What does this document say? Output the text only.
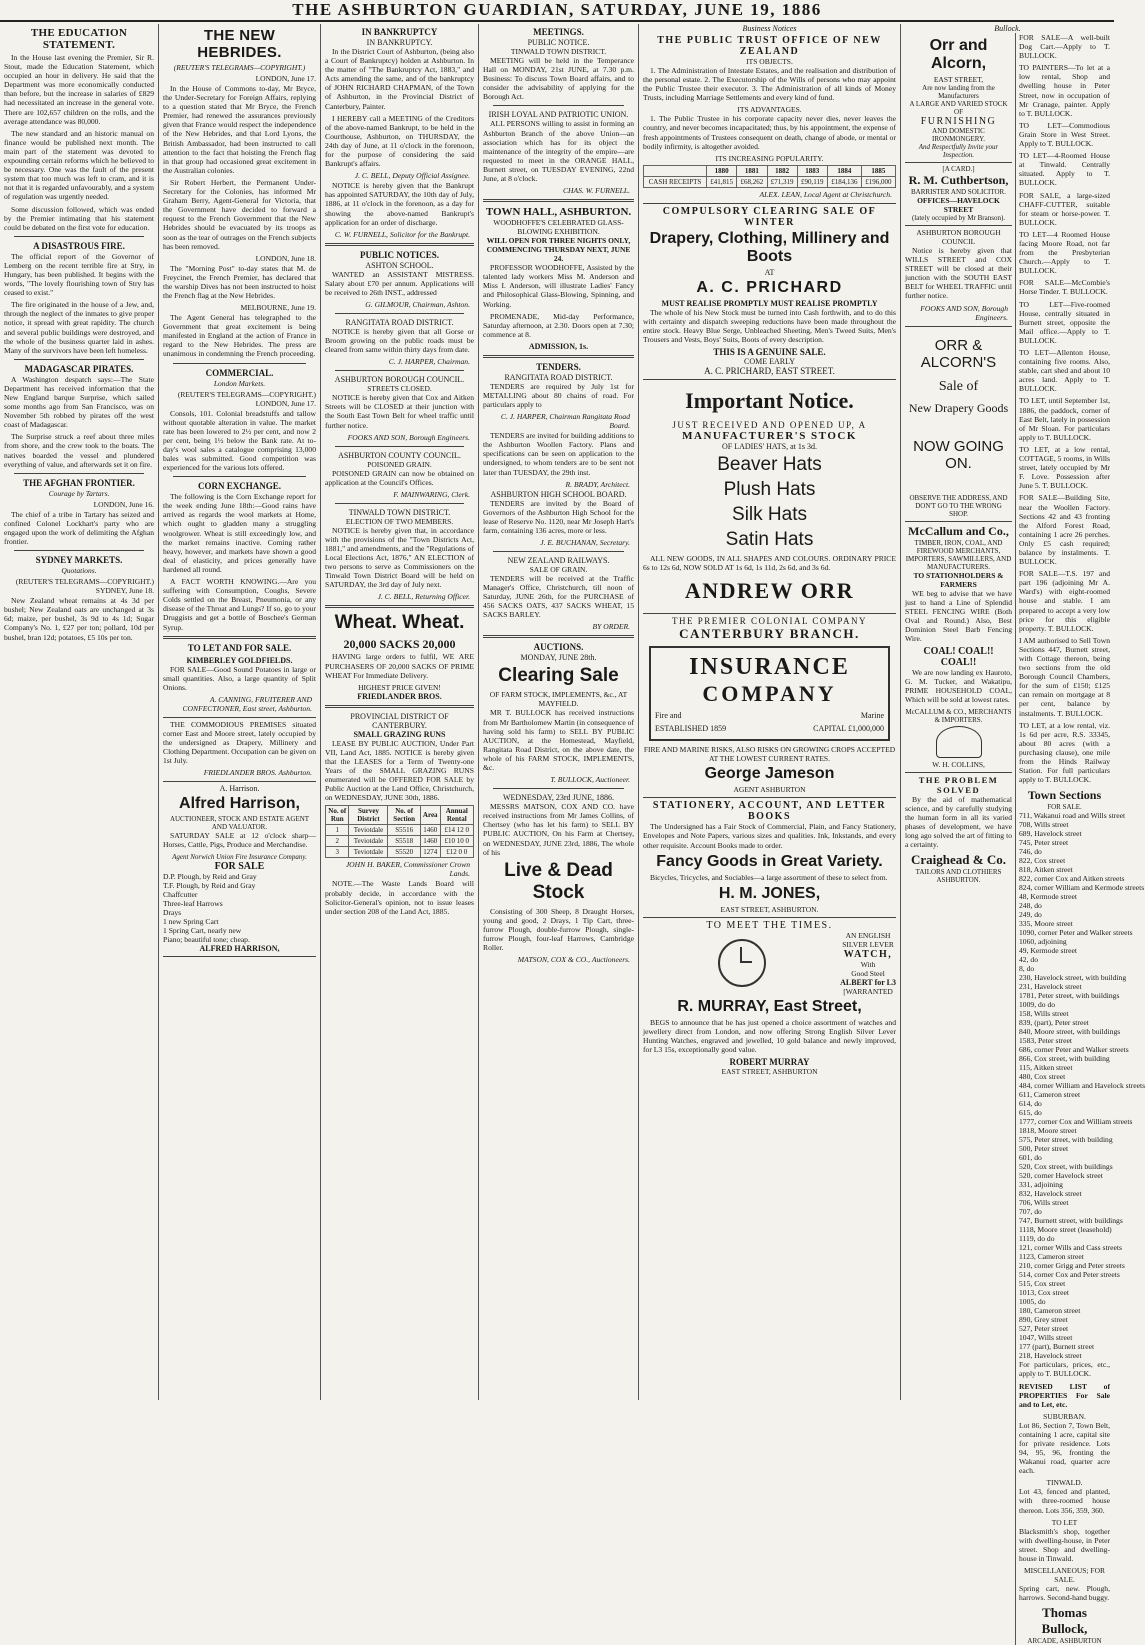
THE ASHBURTON GUARDIAN, SATURDAY, JUNE 19, 1886
THE EDUCATION STATEMENT.
In the House last evening the Premier, Sir R. Stout, made the Education Statement, which occupied an hour in delivery. He said that the Department was more economically conducted than before, but the increase in salaries of £829 had necessitated an increase in the general vote. There are 102,657 children on the rolls, and the average attendance was 80,000.
The new standard and an historic manual on finance would be published next month. The main part of the statement was devoted to expounding certain reforms which he believed to be necessary. One was the fault of the present system that too much was left to cram, and it is not that it is regarded unfavourably, and a system of regulation was urgently needed.
Some discussion followed, which was ended by the Premier intimating that his statement could be debated on the first vote for education.
A DISASTROUS FIRE.
The official report of the Governor of Lemberg on the recent terrible fire at Stry, in Hungary, has been published. It begins with the words, "The lovely flourishing town of Stry has ceased to exist."
The fire originated in the house of a Jew, and, through the neglect of the inmates to give proper notice, it spread with great rapidity. The church and several public buildings were destroyed, and the whole of the business quarter laid in ashes. Many of the survivors have been left homeless.
MADAGASCAR PIRATES.
A Washington despatch says:—The State Department has received information that the New England barque Surprise, which sailed some months ago from San Francisco, was on November 5th robbed by pirates off the west coast of Madagascar.
The Surprise struck a reef about three miles from shore, and the crew took to the boats. The natives boarded the vessel and plundered everything of value, and afterwards set it on fire.
THE AFGHAN FRONTIER.
Courage by Tartars.
LONDON, June 16.
The chief of a tribe in Tartary has seized and confined Colonel Lockhart's party who are engaged upon the work of delimiting the Afghan frontier.
SYDNEY MARKETS.
Quotations.
(REUTER'S TELEGRAMS—COPYRIGHT.) SYDNEY, June 18.
New Zealand wheat remains at 4s 3d per bushel; New Zealand oats are unchanged at 3s 6d; maize, per bushel, 3s 9d to 4s 1d; Sugar Company's No. 1, £27 per ton; pollard, 10d per bushel, bran 12d; potatoes, £5 10s per ton.
THE NEW HEBRIDES.
(REUTER'S TELEGRAMS—COPYRIGHT.)
LONDON, June 17.
In the House of Commons to-day, Mr Bryce, the Under-Secretary for Foreign Affairs, replying to a question stated that Mr Bryce, the French Premier, had renewed the assurances previously given that France would respect the independence of the New Hebrides, and that Lord Lyons, the British Ambassador, had been instructed to call attention to the fact that hoisting the French flag in that group had occasioned great excitement in the Australian colonies.
Sir Robert Herbert, the Permanent Under-Secretary for the Colonies, has informed Mr Graham Berry, Agent-General for Victoria, that the Government have decided to forward a request to the French Government that the New Hebrides should be evacuated by its troops as soon as the tear of outrages on the French subjects has been removed.
LONDON, June 18.
The "Morning Post" to-day states that M. de Freycinet, the French Premier, has declared that the warship Dives has not been instructed to hoist the French flag at the New Hebrides.
MELBOURNE, June 19.
The Agent General has telegraphed to the Government that great excitement is being manifested in England at the action of France in regard to the New Hebrides. The press are unanimous in condemning the French proceeding.
COMMERCIAL.
London Markets.
(REUTER'S TELEGRAMS—COPYRIGHT.) LONDON, June 17.
Consols, 101. Colonial breadstuffs and tallow without quotable alteration in value. The market rate has been lowered to 2½ per cent, and now 2 per cent, being 1½ below the Bank rate. At to-day's wool sales a catalogue comprising 13,000 bales was submitted. Good competition was experienced for the various lots offered.
CORN EXCHANGE.
The following is the Corn Exchange report for the week ending June 18th:—Good rains have arrived as regards the wool markets at Home, which ought to gladden many a struggling woolgrower. Wheat is still exceedingly low, and the market remains inactive. Coming rather heavy, however, and markets have shown a good deal of elasticity, and prices generally have hardened all round.
A FACT WORTH KNOWING.—Are you suffering with Consumption, Coughs, Severe Colds settled on the Breast, Pneumonia, or any disease of the Throat and Lungs? If so, go to your Druggists and get a bottle of Boschee's German Syrup.
TO LET AND FOR SALE.
KIMBERLEY GOLDFIELDS.
FOR SALE—Good Sound Potatoes in large or small quantities. Also, a large quantity of Split Onions.
A. CANNING, FRUITERER AND CONFECTIONER, East street, Ashburton.
THE COMMODIOUS PREMISES situated corner East and Moore street, lately occupied by the undersigned as Drapery, Millinery and Clothing Department. Occupation can be given on 1st July.
FRIEDLANDER BROS. Ashburton.
A. Harrison.
Alfred Harrison,
AUCTIONEER, STOCK AND ESTATE AGENT AND VALUATOR.
SATURDAY SALE at 12 o'clock sharp—Horses, Cattle, Pigs, Produce and Merchandise.
Agent Norwich Union Fire Insurance Company.
FOR SALE
D.P. Plough, by Reid and Gray
T.F. Plough, by Reid and Gray
Chaffcutter
Three-leaf Harrows
Drays
1 new Spring Cart
1 Spring Cart, nearly new
Piano; beautiful tone; cheap.
ALFRED HARRISON,
IN BANKRUPTCY
IN BANKRUPTCY.
In the District Court of Ashburton, (being also a Court of Bankruptcy) holden at Ashburton. In the matter of "The Bankruptcy Act, 1883," and Acts amending the same, and of the bankruptcy of JOHN RICHARD CHAPMAN, of the Town of Ashburton, in the Provincial District of Canterbury, Painter.
I HEREBY call a MEETING of the Creditors of the above-named Bankrupt, to be held in the Courthouse, Ashburton, on THURSDAY, the 24th day of June, at 11 o'clock in the forenoon, for the purpose of considering the said Bankrupt's affairs.
J. C. BELL, Deputy Official Assignee.
NOTICE is hereby given that the Bankrupt has appointed SATURDAY, the 10th day of July, 1886, at 11 o'clock in the forenoon, as a day for showing the above-named Bankrupt's application for an order of discharge.
C. W. FURNELL, Solicitor for the Bankrupt.
PUBLIC NOTICES.
ASHTON SCHOOL.
WANTED an ASSISTANT MISTRESS. Salary about £70 per annum. Applications will be received to 26th INST., addressed
G. GILMOUR, Chairman, Ashton.
RANGITATA ROAD DISTRICT.
NOTICE is hereby given that all Gorse or Broom growing on the public roads must be cleared from same within thirty days from date.
C. J. HARPER, Chairman.
ASHBURTON BOROUGH COUNCIL.
STREETS CLOSED.
NOTICE is hereby given that Cox and Aitken Streets will be CLOSED at their junction with the South East Town Belt for wheel traffic until further notice.
FOOKS AND SON, Borough Engineers.
ASHBURTON COUNTY COUNCIL.
POISONED GRAIN.
POISONED GRAIN can now be obtained on application at the Council's Offices.
F. MAINWARING, Clerk.
TINWALD TOWN DISTRICT.
ELECTION OF TWO MEMBERS.
NOTICE is hereby given that, in accordance with the provisions of the "Town Districts Act, 1881," and amendments, and the "Regulations of Local Elections Act, 1876," AN ELECTION of two persons to serve as Commissioners on the Tinwald Town District Board will be held on SATURDAY, the 3rd day of July next.
J. C. BELL, Returning Officer.
Wheat. Wheat.
20,000 SACKS 20,000
HAVING large orders to fulfil, WE ARE PURCHASERS OF 20,000 SACKS OF PRIME WHEAT For Immediate Delivery.
HIGHEST PRICE GIVEN!
FRIEDLANDER BROS.
PROVINCIAL DISTRICT OF CANTERBURY.
SMALL GRAZING RUNS
LEASE BY PUBLIC AUCTION, Under Part VII, Land Act, 1885. NOTICE is hereby given that the LEASES for a Term of Twenty-one Years of the SMALL GRAZING RUNS enumerated will be OFFERED FOR SALE by Public Auction at the Land Office, Christchurch, on WEDNESDAY, JUNE 30th, 1886.
No. of Run	Survey District	No. of Section	Area	Annual Rental
1	Teviotdale	S5516	1460	£14 12 0
2	Teviotdale	S5518	1460	£10 10 0
3	Teviotdale	S5520	1274	£12 0 0
JOHN H. BAKER, Commissioner Crown Lands.
NOTE.—The Waste Lands Board will probably decide, in accordance with the Solicitor-General's opinion, not to issue leases under section 208 of the Land Act, 1885.
MEETINGS.
PUBLIC NOTICE.
TINWALD TOWN DISTRICT.
MEETING will be held in the Temperance Hall on MONDAY, 21st JUNE, at 7.30 p.m. Business: To discuss Town Board affairs, and to consider the advisability of applying for the Borough Act.
IRISH LOYAL AND PATRIOTIC UNION.
ALL PERSONS willing to assist in forming an Ashburton Branch of the above Union—an association which has for its object the maintenance of the integrity of the empire—are requested to meet in the ORANGE HALL, Burnett street, on TUESDAY EVENING, 22nd June, at 8 o'clock.
CHAS. W. FURNELL.
TOWN HALL, ASHBURTON.
WOODHOFFE'S CELEBRATED GLASS-BLOWING EXHIBITION.
WILL OPEN FOR THREE NIGHTS ONLY, COMMENCING THURSDAY NEXT, JUNE 24.
PROFESSOR WOODHOFFE, Assisted by the talented lady workers Miss M. Anderson and Miss I. Anderson, will illustrate Ladies' Fancy and Philosophical Glass-Blowing, Spinning, and Working.
PROMENADE, Mid-day Performance, Saturday afternoon, at 2.30. Doors open at 7.30; commence at 8.
ADMISSION, 1s.
TENDERS.
RANGITATA ROAD DISTRICT.
TENDERS are required by July 1st for METALLING about 80 chains of road. For particulars apply to
C. J. HARPER, Chairman Rangitata Road Board.
TENDERS are invited for building additions to the Ashburton Woollen Factory. Plans and specifications can be seen on application to the undersigned, to whom tenders are to be sent not later than TUESDAY, the 29th inst.
R. BRADY, Architect.
ASHBURTON HIGH SCHOOL BOARD.
TENDERS are invited by the Board of Governors of the Ashburton High School for the lease of Reserve No. 1120, near Mr Joseph Hart's farm, containing 136 acres, more or less.
J. E. BUCHANAN, Secretary.
NEW ZEALAND RAILWAYS.
SALE OF GRAIN.
TENDERS will be received at the Traffic Manager's Office, Christchurch, till noon of Saturday, JUNE 26th, for the PURCHASE of 456 SACKS OATS, 437 SACKS WHEAT, 15 SACKS BARLEY.
BY ORDER.
AUCTIONS.
MONDAY, JUNE 28th.
Clearing Sale
OF FARM STOCK, IMPLEMENTS, &c., AT MAYFIELD.
MR T. BULLOCK has received instructions from Mr Bartholomew Martin (in consequence of having sold his farm) to SELL BY PUBLIC AUCTION, at the Homestead, Mayfield, Rangitata Road District, on the above date, the whole of his FARM STOCK, IMPLEMENTS, &c.
T. BULLOCK, Auctioneer.
WEDNESDAY, 23rd JUNE, 1886.
MESSRS MATSON, COX AND CO. have received instructions from Mr James Collins, of Chertsey (who has let his farm) to SELL BY PUBLIC AUCTION, On his Farm at Chertsey, on WEDNESDAY, JUNE 23rd, 1886, The whole of his
Live & Dead Stock
Consisting of 300 Sheep, 8 Draught Horses, young and good, 2 Drays, 1 Tip Cart, three-furrow Plough, double-furrow Plough, single-furrow Plough, four-leaf Harrows, Cambridge Roller.
MATSON, COX & CO., Auctioneers.
Business Notices
THE PUBLIC TRUST OFFICE OF NEW ZEALAND
ITS OBJECTS.
1. The Administration of Intestate Estates, and the realisation and distribution of the personal estate. 2. The Executorship of the Wills of persons who may appoint the Public Trustee their executor. 3. The Administration of all kinds of Money Trusts, including Marriage Settlements and every kind of fund.
ITS ADVANTAGES.
1. The Public Trustee in his corporate capacity never dies, never leaves the country, and never becomes incapacitated; thus, by his appointment, the expense of fresh appointments of Trustees consequent on death, change of abode, or mental or bodily infirmity, is altogether avoided.
ITS INCREASING POPULARITY.
	1880	1881	1882	1883	1884	1885
CASH RECEIPTS	£41,815	£68,262	£71,319	£90,119	£184,136	£196,000
ALEX. LEAN, Local Agent at Christchurch.
COMPULSORY CLEARING SALE OF WINTER
Drapery, Clothing, Millinery and Boots
AT
A. C. PRICHARD
MUST REALISE PROMPTLY MUST REALISE PROMPTLY
The whole of his New Stock must be turned into Cash forthwith, and to do this with certainty and dispatch sweeping reductions have been made throughout the entire stock. Heavy Blue Serge, Unbleached Sheeting, Men's Tweed Suits, Men's Trousers and Vests, Boys' Suits, Boots of every description.
THIS IS A GENUINE SALE.
COME EARLY
A. C. PRICHARD, EAST STREET.
Important Notice.
JUST RECEIVED AND OPENED UP, A
MANUFACTURER'S STOCK
OF LADIES' HATS, at 1s 3d.
Beaver Hats
Plush Hats
Silk Hats
Satin Hats
ALL NEW GOODS, IN ALL SHAPES AND COLOURS. ORDINARY PRICE 6s to 12s 6d, NOW SOLD AT 1s 6d, 1s 11d, 2s 6d, and 3s 6d.
ANDREW ORR
THE PREMIER COLONIAL COMPANY
CANTERBURY BRANCH.
INSURANCE
COMPANY
Fire and	Marine
ESTABLISHED 1859	CAPITAL £1,000,000
FIRE AND MARINE RISKS, ALSO RISKS ON GROWING CROPS ACCEPTED AT THE LOWEST CURRENT RATES.
George Jameson
AGENT ASHBURTON
STATIONERY, ACCOUNT, AND LETTER BOOKS
The Undersigned has a Fair Stock of Commercial, Plain, and Fancy Stationery, Envelopes and Note Papers, various sizes and qualities. Ink, Inkstands, and every other requisite. Account Books made to order.
Fancy Goods in Great Variety.
Bicycles, Tricycles, and Sociables—a large assortment of these to select from.
H. M. JONES,
EAST STREET, ASHBURTON.
TO MEET THE TIMES.
AN ENGLISH
SILVER LEVER
WATCH,
With
Good Steel
ALBERT for L3
[WARRANTED
R. MURRAY, East Street,
BEGS to announce that he has just opened a choice assortment of watches and jewellery direct from London, and now offering Strong English Silver Lever Hunting Watches, engraved and jewelled, 10 gold balance and newly improved, for L3 15s, exceptionally good value.
ROBERT MURRAY
EAST STREET, ASHBURTON
Bullock.
Orr and Alcorn,
EAST STREET,
Are now landing from the Manufacturers
A LARGE AND VARIED STOCK OF
FURNISHING
AND DOMESTIC IRONMONGERY.
And Respectfully Invite your Inspection.
[A CARD.]
R. M. Cuthbertson,
BARRISTER AND SOLICITOR.
OFFICES—HAVELOCK STREET
(lately occupied by Mr Branson).
ASHBURTON BOROUGH COUNCIL
Notice is hereby given that WILLS STREET and COX STREET will be closed at their junction with the SOUTH EAST BELT for WHEEL TRAFFIC until further notice.
FOOKS AND SON, Borough Engineers.
ORR & ALCORN'S
Sale of
New Drapery Goods
NOW GOING ON.
OBSERVE THE ADDRESS, AND DON'T GO TO THE WRONG SHOP.
McCallum and Co.,
TIMBER, IRON, COAL, AND FIREWOOD MERCHANTS, IMPORTERS, SAWMILLERS, AND MANUFACTURERS.
TO STATIONHOLDERS & FARMERS
WE beg to advise that we have just to hand a Line of Splendid STEEL FENCING WIRE (Both Oval and Round.) Also, Best Dominion Steel Barb Fencing Wire.
COAL! COAL!! COAL!!
We are now landing ex Hauroto, G. M. Tucker, and Wakatipu, PRIME HOUSEHOLD COAL, Which will be sold at lowest rates.
McCALLUM & CO., MERCHANTS & IMPORTERS.
W. H. COLLINS,
THE PROBLEM SOLVED
By the aid of mathematical science, and by carefully studying the human form in all its varied phases of development, we have long ago solved the art of fitting to a certainty.
Craighead & Co.
TAILORS AND CLOTHIERS ASHBURTON.
FOR SALE—A well-built Dog Cart.—Apply to T. BULLOCK.
TO PAINTERS—To let at a low rental, Shop and dwelling house in Peter Street, now in occupation of Mr Cranage, painter. Apply to T. BULLOCK.
TO LET—Commodious Grain Store in West Street. Apply to T. BULLOCK.
TO LET—4-Roomed House at Tinwald. Centrally situated. Apply to T. BULLOCK.
FOR SALE, a large-sized CHAFF-CUTTER, suitable for steam or horse-power. T. BULLOCK.
TO LET—4 Roomed House facing Moore Road, not far from the Presbyterian Church.—Apply to T. BULLOCK.
FOR SALE—McCombie's Horse Tinder. T. BULLOCK.
TO LET—Five-roomed House, centrally situated in Burnett street, opposite the Mail office.—Apply to T. BULLOCK.
TO LET—Allenton House, containing five rooms. Also, stable, cart shed and about 10 acres land. Apply to T. BULLOCK.
TO LET, until September 1st, 1886, the paddock, corner of East Belt, lately in possession of Mr Sloan. For particulars apply to T. BULLOCK.
TO LET, at a low rental, COTTAGE, 5 rooms, in Wills street, lately occupied by Mr F. Love. Possession after June 5. T. BULLOCK.
FOR SALE—Building Site, near the Woollen Factory. Sections 42 and 43 fronting the Alford Forest Road, containing 1 acre 26 perches. Only £5 cash required; balance by instalments. T. BULLOCK.
FOR SALE—T.S. 197 and part 196 (adjoining Mr A. Ward's) with eight-roomed house and stable. I am prepared to accept a very low price for this eligible property. T. BULLOCK.
I AM authorised to Sell Town Sections 447, Burnett street, with Cottage thereon, being two sections from the old Borough Council Chambers, for the sum of £150; £125 can remain on mortgage at 8 per cent, balance by instalments. T. BULLOCK.
TO LET, at a low rental, viz. 1s 6d per acre, R.S. 33345, about 80 acres (with a purchasing clause), one mile from the Hinds Railway Station. For full particulars apply to T. BULLOCK.
Town Sections
FOR SALE.
711, Wakanui road and Wills street
708, Wills street
689, Havelock street
745, Peter street
746, do
822, Cox street
818, Aitken street
822, corner Cox and Aitken streets
824, corner William and Kermode streets
48, Kermode street
248, do
249, do
335, Moore street
1090, corner Peter and Walker streets
1060, adjoining
49, Kermode street
42, do
8, do
230, Havelock street, with building
231, Havelock street
1781, Peter street, with buildings
1009, do do
158, Wills street
839, (part), Peter street
840, Moore street, with buildings
1583, Peter street
686, corner Peter and Walker streets
866, Cox street, with building
115, Aitken street
480, Cox street
484, corner William and Havelock streets
611, Cameron street
614, do
615, do
1777, corner Cox and William streets
1818, Moore street
575, Peter street, with building
500, Peter street
601, do
520, Cox street, with buildings
520, corner Havelock street
331, adjoining
832, Havelock street
706, Wills street
707, do
747, Burnett street, with buildings
1118, Moore street (leasehold)
1119, do do
121, corner Wills and Cass streets
1123, Cameron street
210, corner Grigg and Peter streets
514, corner Cox and Peter streets
515, Cox street
1013, Cox street
1005, do
180, Cameron street
890, Grey street
527, Peter street
1047, Wills street
177 (part), Burnett street
218, Havelock street
For particulars, prices, etc., apply to T. BULLOCK.
REVISED LIST of PROPERTIES For Sale and to Let, etc.
SUBURBAN.
Lot 86, Section 7, Town Belt, containing 1 acre, capital site for private residence. Lots 94, 95, 96, fronting the Wakanui road, quarter acre each.
TINWALD.
Lot 43, fenced and planted, with three-roomed house thereon. Lots 356, 359, 360.
TO LET
Blacksmith's shop, together with dwelling-house, in Peter street. Shop and dwelling-house in Tinwald.
MISCELLANEOUS; FOR SALE.
Spring cart, new. Plough, harrows. Second-hand buggy.
Thomas Bullock,
ARCADE, ASHBURTON
